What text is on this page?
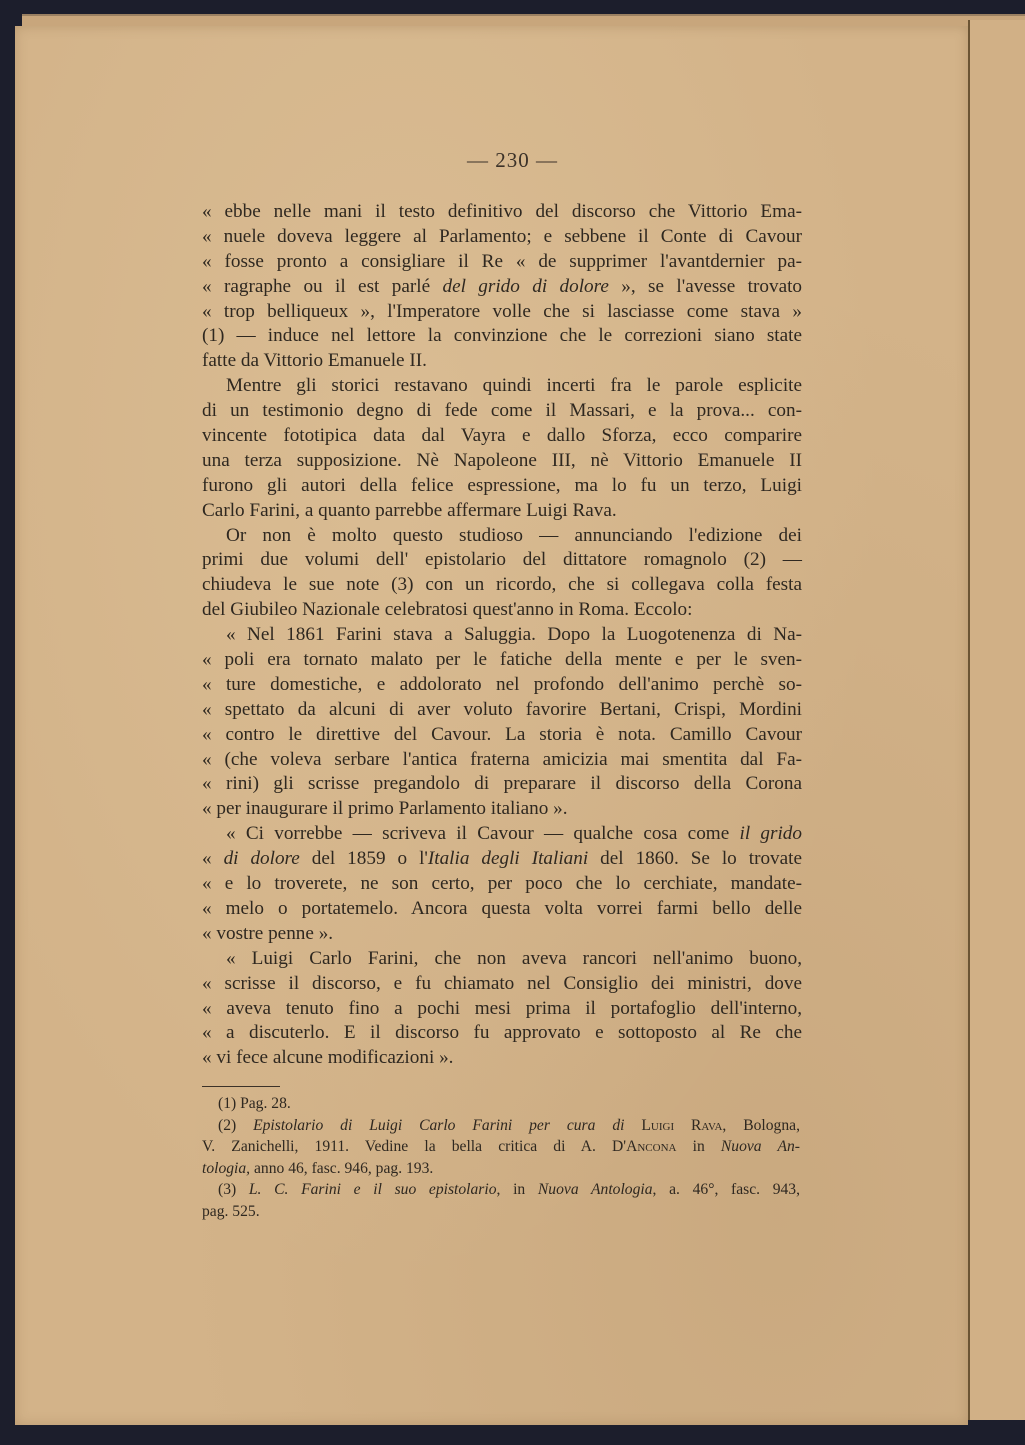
— 230 —
« ebbe nelle mani il testo definitivo del discorso che Vittorio Ema-
« nuele doveva leggere al Parlamento; e sebbene il Conte di Cavour
« fosse pronto a consigliare il Re « de supprimer l'avantdernier pa-
« ragraphe ou il est parlé del grido di dolore », se l'avesse trovato
« trop belliqueux », l'Imperatore volle che si lasciasse come stava »
(1) — induce nel lettore la convinzione che le correzioni siano state
fatte da Vittorio Emanuele II.
Mentre gli storici restavano quindi incerti fra le parole esplicite
di un testimonio degno di fede come il Massari, e la prova... con-
vincente fototipica data dal Vayra e dallo Sforza, ecco comparire
una terza supposizione. Nè Napoleone III, nè Vittorio Emanuele II
furono gli autori della felice espressione, ma lo fu un terzo, Luigi
Carlo Farini, a quanto parrebbe affermare Luigi Rava.
Or non è molto questo studioso — annunciando l'edizione dei
primi due volumi dell' epistolario del dittatore romagnolo (2) —
chiudeva le sue note (3) con un ricordo, che si collegava colla festa
del Giubileo Nazionale celebratosi quest'anno in Roma. Eccolo:
« Nel 1861 Farini stava a Saluggia. Dopo la Luogotenenza di Na-
« poli era tornato malato per le fatiche della mente e per le sven-
« ture domestiche, e addolorato nel profondo dell'animo perchè so-
« spettato da alcuni di aver voluto favorire Bertani, Crispi, Mordini
« contro le direttive del Cavour. La storia è nota. Camillo Cavour
« (che voleva serbare l'antica fraterna amicizia mai smentita dal Fa-
« rini) gli scrisse pregandolo di preparare il discorso della Corona
« per inaugurare il primo Parlamento italiano ».
« Ci vorrebbe — scriveva il Cavour — qualche cosa come il grido
« di dolore del 1859 o l'Italia degli Italiani del 1860. Se lo trovate
« e lo troverete, ne son certo, per poco che lo cerchiate, mandate-
« melo o portatemelo. Ancora questa volta vorrei farmi bello delle
« vostre penne ».
« Luigi Carlo Farini, che non aveva rancori nell'animo buono,
« scrisse il discorso, e fu chiamato nel Consiglio dei ministri, dove
« aveva tenuto fino a pochi mesi prima il portafoglio dell'interno,
« a discuterlo. E il discorso fu approvato e sottoposto al Re che
« vi fece alcune modificazioni ».
(1) Pag. 28.
(2) Epistolario di Luigi Carlo Farini per cura di Luigi Rava, Bologna,
V. Zanichelli, 1911. Vedine la bella critica di A. D'Ancona in Nuova An-
tologia, anno 46, fasc. 946, pag. 193.
(3) L. C. Farini e il suo epistolario, in Nuova Antologia, a. 46°, fasc. 943,
pag. 525.
